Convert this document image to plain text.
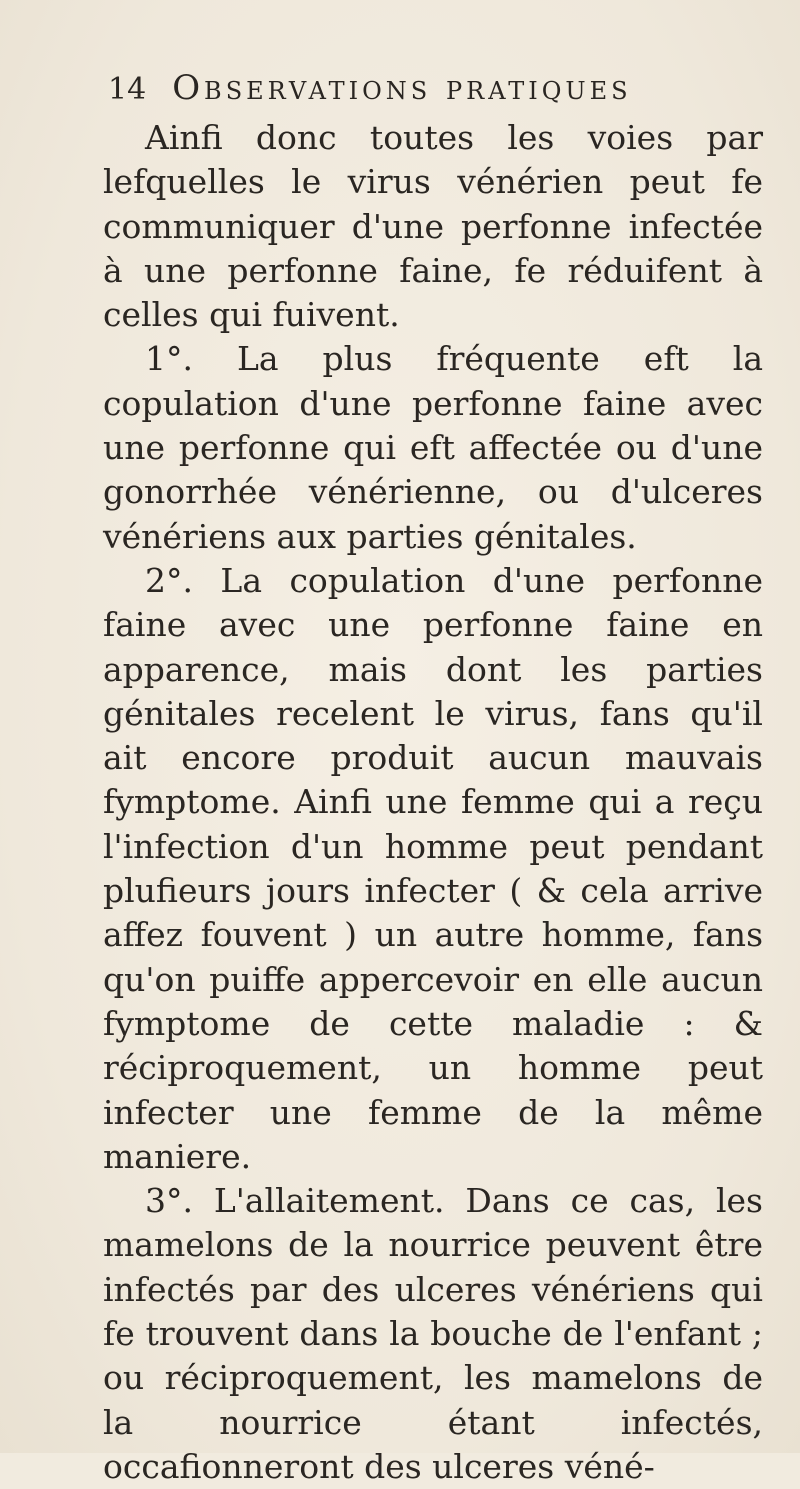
14 Observations pratiques

Ainfi donc toutes les voies par lefquelles le virus vénérien peut fe communiquer d'une perfonne infectée à une perfonne faine, fe réduifent à celles qui fuivent.

1°. La plus fréquente eft la copulation d'une perfonne faine avec une perfonne qui eft affectée ou d'une gonorrhée vénérienne, ou d'ulceres vénériens aux parties génitales.

2°. La copulation d'une perfonne faine avec une perfonne faine en apparence, mais dont les parties génitales recelent le virus, fans qu'il ait encore produit aucun mauvais fymptome. Ainfi une femme qui a reçu l'infection d'un homme peut pendant plufieurs jours infecter ( & cela arrive affez fouvent ) un autre homme, fans qu'on puiffe appercevoir en elle aucun fymptome de cette maladie : & réciproquement, un homme peut infecter une femme de la même maniere.

3°. L'allaitement. Dans ce cas, les mamelons de la nourrice peuvent être infectés par des ulceres vénériens qui fe trouvent dans la bouche de l'enfant ; ou réciproquement, les mamelons de la nourrice étant infectés, occafionneront des ulceres véné-
